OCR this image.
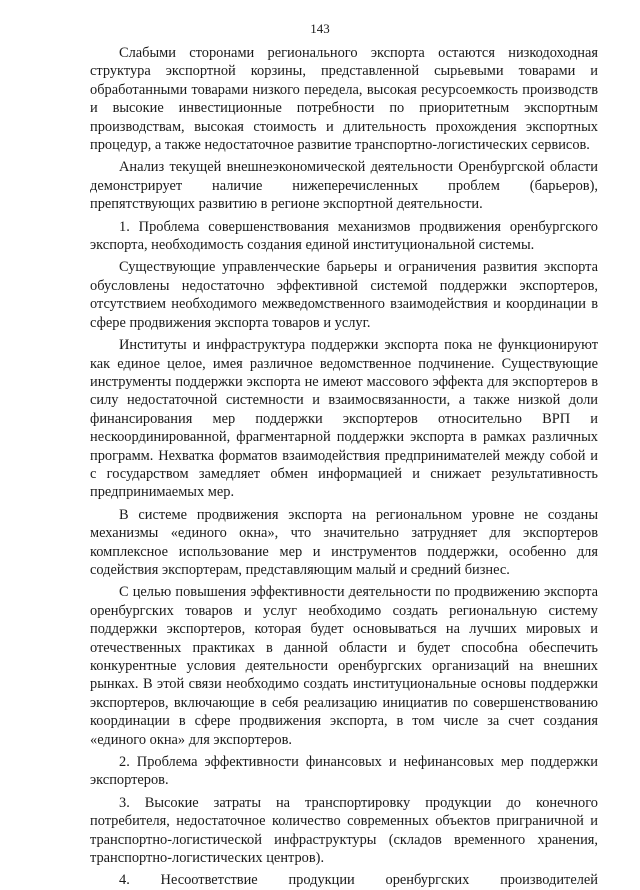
143

Слабыми сторонами регионального экспорта остаются низкодоходная структура экспортной корзины, представленной сырьевыми товарами и обработанными товарами низкого передела, высокая ресурсоемкость производств и высокие инвестиционные потребности по приоритетным экспортным производствам, высокая стоимость и длительность прохождения экспортных процедур, а также недостаточное развитие транспортно-логистических сервисов.

Анализ текущей внешнеэкономической деятельности Оренбургской области демонстрирует наличие нижеперечисленных проблем (барьеров), препятствующих развитию в регионе экспортной деятельности.

1. Проблема совершенствования механизмов продвижения оренбургского экспорта, необходимость создания единой институциональной системы.

Существующие управленческие барьеры и ограничения развития экспорта обусловлены недостаточно эффективной системой поддержки экспортеров, отсутствием необходимого межведомственного взаимодействия и координации в сфере продвижения экспорта товаров и услуг.

Институты и инфраструктура поддержки экспорта пока не функционируют как единое целое, имея различное ведомственное подчинение. Существующие инструменты поддержки экспорта не имеют массового эффекта для экспортеров в силу недостаточной системности и взаимосвязанности, а также низкой доли финансирования мер поддержки экспортеров относительно ВРП и нескоординированной, фрагментарной поддержки экспорта в рамках различных программ. Нехватка форматов взаимодействия предпринимателей между собой и с государством замедляет обмен информацией и снижает результативность предпринимаемых мер.

В системе продвижения экспорта на региональном уровне не созданы механизмы «единого окна», что значительно затрудняет для экспортеров комплексное использование мер и инструментов поддержки, особенно для содействия экспортерам, представляющим малый и средний бизнес.

С целью повышения эффективности деятельности по продвижению экспорта оренбургских товаров и услуг необходимо создать региональную систему поддержки экспортеров, которая будет основываться на лучших мировых и отечественных практиках в данной области и будет способна обеспечить конкурентные условия деятельности оренбургских организаций на внешних рынках. В этой связи необходимо создать институциональные основы поддержки экспортеров, включающие в себя реализацию инициатив по совершенствованию координации в сфере продвижения экспорта, в том числе за счет создания «единого окна» для экспортеров.

2. Проблема эффективности финансовых и нефинансовых мер поддержки экспортеров.

3. Высокие затраты на транспортировку продукции до конечного потребителя, недостаточное количество современных объектов приграничной и транспортно-логистической инфраструктуры (складов временного хранения, транспортно-логистических центров).

4. Несоответствие продукции оренбургских производителей
